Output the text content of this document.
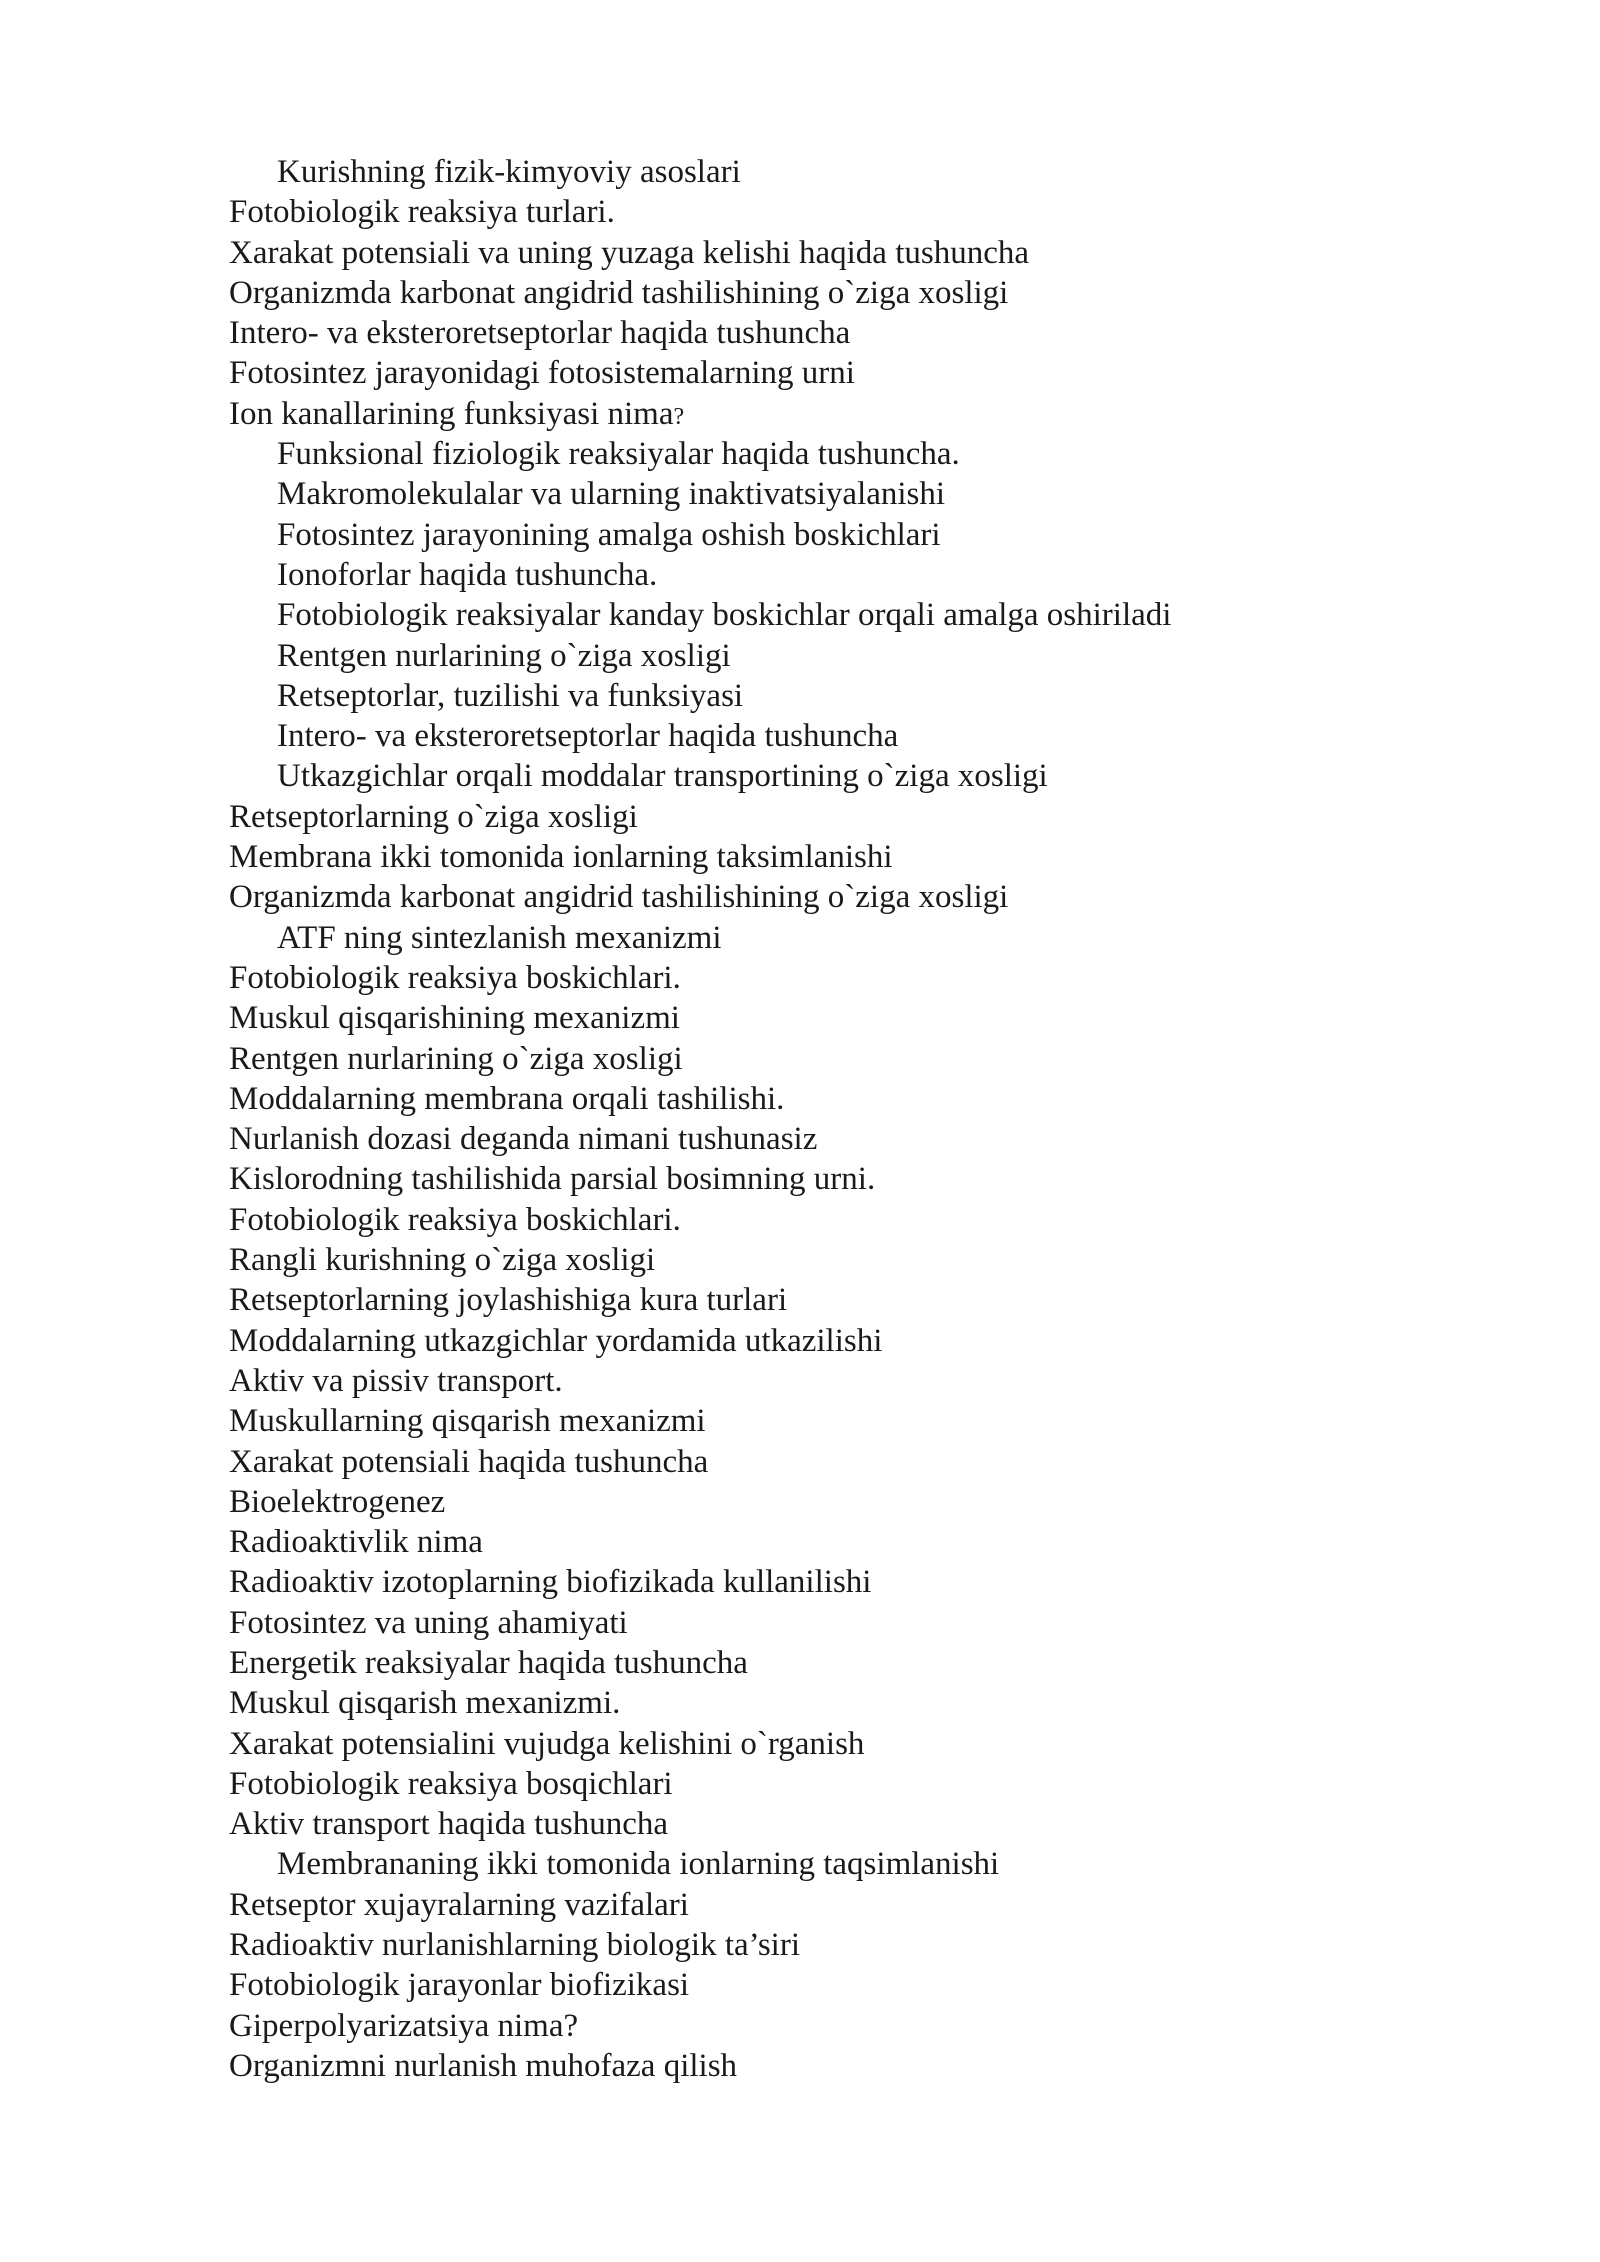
Kurishning fizik-kimyoviy asoslari
Fotobiologik reaksiya turlari.
Xarakat potensiali va uning yuzaga kelishi haqida tushuncha
Organizmda karbonat angidrid tashilishining o`ziga xosligi
Intero- va eksteroretseptorlar haqida tushuncha
Fotosintez jarayonidagi fotosistemalarning urni
Ion kanallarining funksiyasi nima?
Funksional fiziologik reaksiyalar haqida tushuncha.
Makromolekulalar va ularning inaktivatsiyalanishi
Fotosintez jarayonining amalga oshish boskichlari
Ionoforlar haqida tushuncha.
Fotobiologik reaksiyalar kanday boskichlar orqali amalga oshiriladi
Rentgen nurlarining o`ziga xosligi
Retseptorlar, tuzilishi va funksiyasi
Intero- va eksteroretseptorlar haqida tushuncha
Utkazgichlar orqali moddalar transportining o`ziga xosligi
Retseptorlarning o`ziga xosligi
Membrana ikki tomonida ionlarning taksimlanishi
Organizmda karbonat angidrid tashilishining o`ziga xosligi
ATF ning sintezlanish mexanizmi
Fotobiologik reaksiya boskichlari.
Muskul qisqarishining mexanizmi
Rentgen nurlarining o`ziga xosligi
Moddalarning membrana orqali tashilishi.
Nurlanish dozasi deganda nimani tushunasiz
Kislorodning tashilishida parsial bosimning urni.
Fotobiologik reaksiya boskichlari.
Rangli kurishning o`ziga xosligi
Retseptorlarning joylashishiga kura turlari
Moddalarning utkazgichlar yordamida utkazilishi
Aktiv va pissiv transport.
Muskullarning qisqarish mexanizmi
Xarakat potensiali haqida tushuncha
Bioelektrogenez
Radioaktivlik nima
Radioaktiv izotoplarning biofizikada kullanilishi
Fotosintez va uning ahamiyati
Energetik reaksiyalar haqida tushuncha
Muskul qisqarish mexanizmi.
Xarakat potensialini vujudga kelishini o`rganish
Fotobiologik reaksiya bosqichlari
Aktiv transport haqida tushuncha
Membrananing ikki tomonida ionlarning taqsimlanishi
Retseptor xujayralarning vazifalari
Radioaktiv nurlanishlarning biologik ta’siri
Fotobiologik jarayonlar biofizikasi
Giperpolyarizatsiya nima?
Organizmni nurlanish muhofaza qilish
